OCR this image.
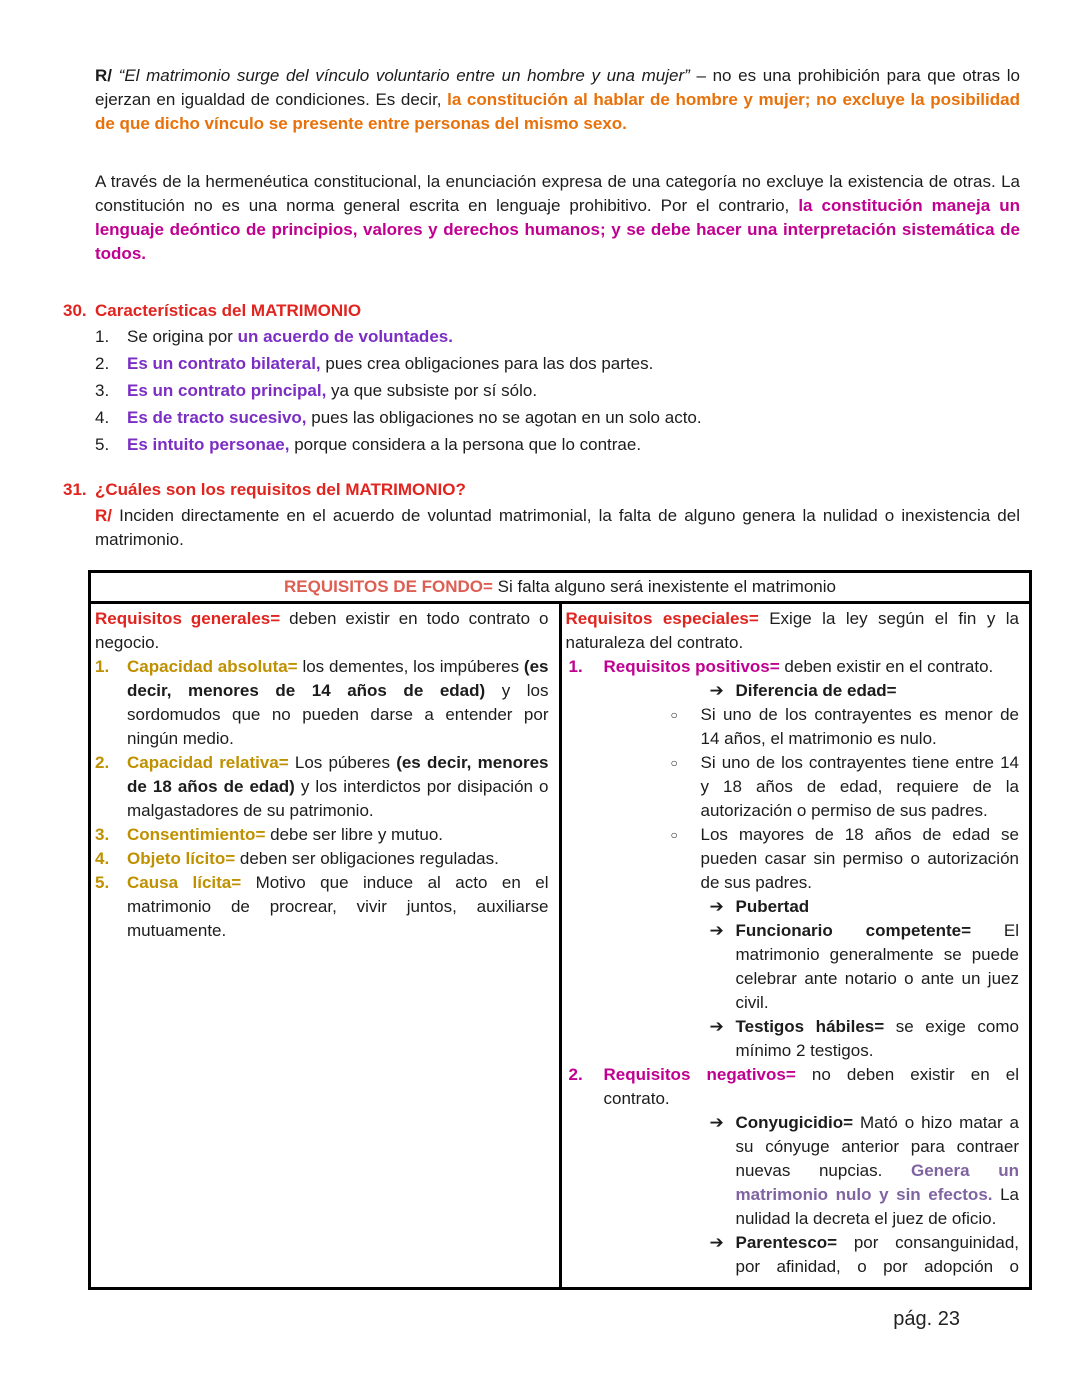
R/ “El matrimonio surge del vínculo voluntario entre un hombre y una mujer” – no es una prohibición para que otras lo ejerzan en igualdad de condiciones. Es decir, la constitución al hablar de hombre y mujer; no excluye la posibilidad de que dicho vínculo se presente entre personas del mismo sexo.

A través de la hermenéutica constitucional, la enunciación expresa de una categoría no excluye la existencia de otras. La constitución no es una norma general escrita en lenguaje prohibitivo. Por el contrario, la constitución maneja un lenguaje deóntico de principios, valores y derechos humanos; y se debe hacer una interpretación sistemática de todos.

30. Características del MATRIMONIO
1.	Se origina por un acuerdo de voluntades.
2.	Es un contrato bilateral, pues crea obligaciones para las dos partes.
3.	Es un contrato principal, ya que subsiste por sí sólo.
4.	Es de tracto sucesivo, pues las obligaciones no se agotan en un solo acto.
5.	Es intuito personae, porque considera a la persona que lo contrae.
31. ¿Cuáles son los requisitos del MATRIMONIO?

R/ Inciden directamente en el acuerdo de voluntad matrimonial, la falta de alguno genera la nulidad o inexistencia del matrimonio.

REQUISITOS DE FONDO= Si falta alguno será inexistente el matrimonio

Requisitos generales= deben existir en todo contrato o negocio.
1.	Capacidad absoluta= los dementes, los impúberes (es decir, menores de 14 años de edad) y los sordomudos que no pueden darse a entender por ningún medio.
2.	Capacidad relativa= Los púberes (es decir, menores de 18 años de edad) y los interdictos por disipación o malgastadores de su patrimonio.
3.	Consentimiento= debe ser libre y mutuo.
4.	Objeto lícito= deben ser obligaciones reguladas.
5.	Causa lícita= Motivo que induce al acto en el matrimonio de procrear, vivir juntos, auxiliarse mutuamente.

Requisitos especiales= Exige la ley según el fin y la naturaleza del contrato.
1.	Requisitos positivos= deben existir en el contrato.
➔ Diferencia de edad=
○	Si uno de los contrayentes es menor de 14 años, el matrimonio es nulo.
○	Si uno de los contrayentes tiene entre 14 y 18 años de edad, requiere de la autorización o permiso de sus padres.
○	Los mayores de 18 años de edad se pueden casar sin permiso o autorización de sus padres.
➔ Pubertad
➔ Funcionario competente= El matrimonio generalmente se puede celebrar ante notario o ante un juez civil.
➔ Testigos hábiles= se exige como mínimo 2 testigos.
2.	Requisitos negativos= no deben existir en el contrato.
➔ Conyugicidio= Mató o hizo matar a su cónyuge anterior para contraer nuevas nupcias. Genera un matrimonio nulo y sin efectos. La nulidad la decreta el juez de oficio.
➔ Parentesco= por consanguinidad, por afinidad, o por adopción o
pág. 23
